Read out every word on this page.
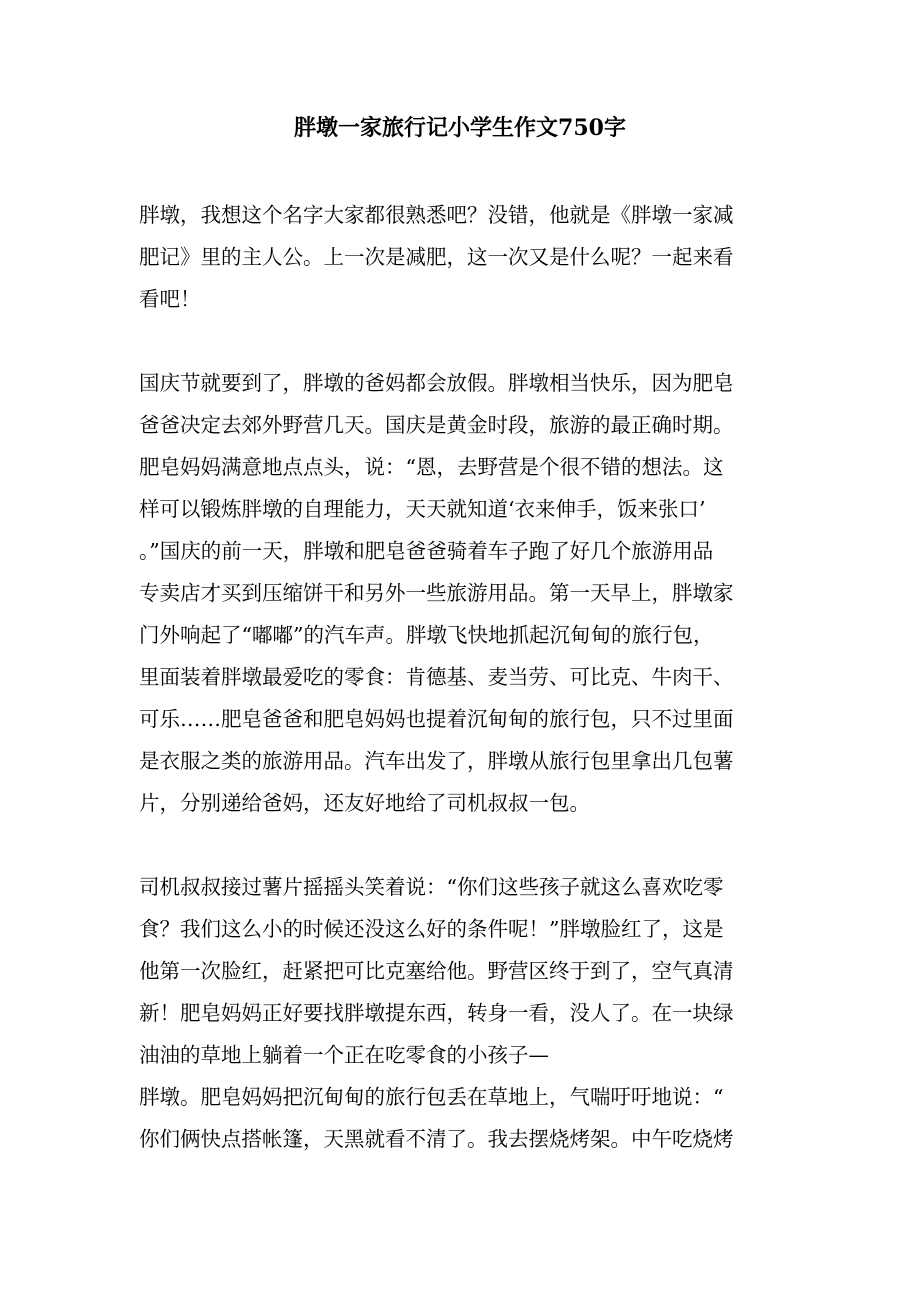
胖墩一家旅行记小学生作文750字
胖墩，我想这个名字大家都很熟悉吧？没错，他就是《胖墩一家减
肥记》里的主人公。上一次是减肥，这一次又是什么呢？一起来看
看吧！
国庆节就要到了，胖墩的爸妈都会放假。胖墩相当快乐，因为肥皂
爸爸决定去郊外野营几天。国庆是黄金时段，旅游的最正确时期。
肥皂妈妈满意地点点头，说：“恩，去野营是个很不错的想法。这
样可以锻炼胖墩的自理能力，天天就知道‘衣来伸手，饭来张口’
。”国庆的前一天，胖墩和肥皂爸爸骑着车子跑了好几个旅游用品
专卖店才买到压缩饼干和另外一些旅游用品。第一天早上，胖墩家
门外响起了“嘟嘟”的汽车声。胖墩飞快地抓起沉甸甸的旅行包，
里面装着胖墩最爱吃的零食：肯德基、麦当劳、可比克、牛肉干、
可乐……肥皂爸爸和肥皂妈妈也提着沉甸甸的旅行包，只不过里面
是衣服之类的旅游用品。汽车出发了，胖墩从旅行包里拿出几包薯
片，分别递给爸妈，还友好地给了司机叔叔一包。
司机叔叔接过薯片摇摇头笑着说：“你们这些孩子就这么喜欢吃零
食？我们这么小的时候还没这么好的条件呢！”胖墩脸红了，这是
他第一次脸红，赶紧把可比克塞给他。野营区终于到了，空气真清
新！肥皂妈妈正好要找胖墩提东西，转身一看，没人了。在一块绿
油油的草地上躺着一个正在吃零食的小孩子—
胖墩。肥皂妈妈把沉甸甸的旅行包丢在草地上，气喘吁吁地说：“
你们俩快点搭帐篷，天黑就看不清了。我去摆烧烤架。中午吃烧烤
